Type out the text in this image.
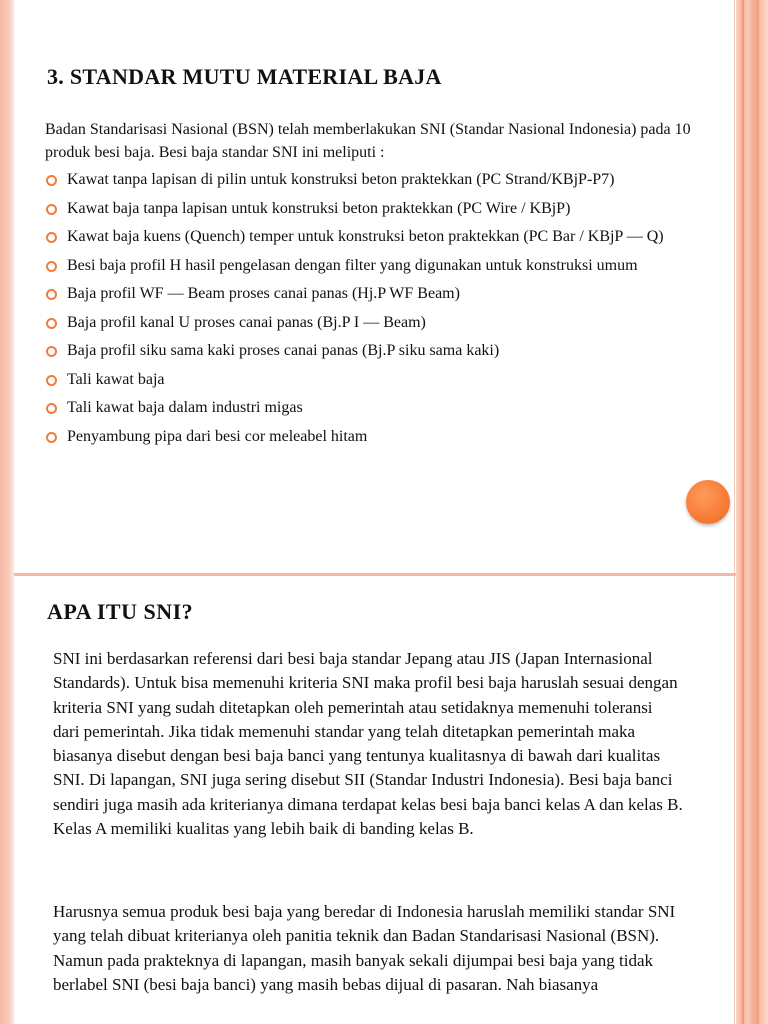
3. STANDAR MUTU MATERIAL BAJA

Badan Standarisasi Nasional (BSN) telah memberlakukan SNI (Standar Nasional Indonesia) pada 10 produk besi baja. Besi baja standar SNI ini meliputi :

Kawat tanpa lapisan di pilin untuk konstruksi beton praktekkan (PC Strand/KBjP-P7)
Kawat baja tanpa lapisan untuk konstruksi beton praktekkan (PC Wire / KBjP)
Kawat baja kuens (Quench) temper untuk konstruksi beton praktekkan (PC Bar / KBjP — Q)
Besi baja profil H hasil pengelasan dengan filter yang digunakan untuk konstruksi umum
Baja profil WF — Beam proses canai panas (Hj.P WF Beam)
Baja profil kanal U proses canai panas (Bj.P I — Beam)
Baja profil siku sama kaki proses canai panas (Bj.P siku sama kaki)
Tali kawat baja
Tali kawat baja dalam industri migas
Penyambung pipa dari besi cor meleabel hitam
APA ITU SNI?

SNI ini berdasarkan referensi dari besi baja standar Jepang atau JIS (Japan Internasional Standards). Untuk bisa memenuhi kriteria SNI maka profil besi baja haruslah sesuai dengan kriteria SNI yang sudah ditetapkan oleh pemerintah atau setidaknya memenuhi toleransi dari pemerintah. Jika tidak memenuhi standar yang telah ditetapkan pemerintah maka biasanya disebut dengan besi baja banci yang tentunya kualitasnya di bawah dari kualitas SNI. Di lapangan, SNI juga sering disebut SII (Standar Industri Indonesia). Besi baja banci sendiri juga masih ada kriterianya dimana terdapat kelas besi baja banci kelas A dan kelas B. Kelas A memiliki kualitas yang lebih baik di banding kelas B.

Harusnya semua produk besi baja yang beredar di Indonesia haruslah memiliki standar SNI yang telah dibuat kriterianya oleh panitia teknik dan Badan Standarisasi Nasional (BSN). Namun pada prakteknya di lapangan, masih banyak sekali dijumpai besi baja yang tidak berlabel SNI (besi baja banci) yang masih bebas dijual di pasaran. Nah biasanya
